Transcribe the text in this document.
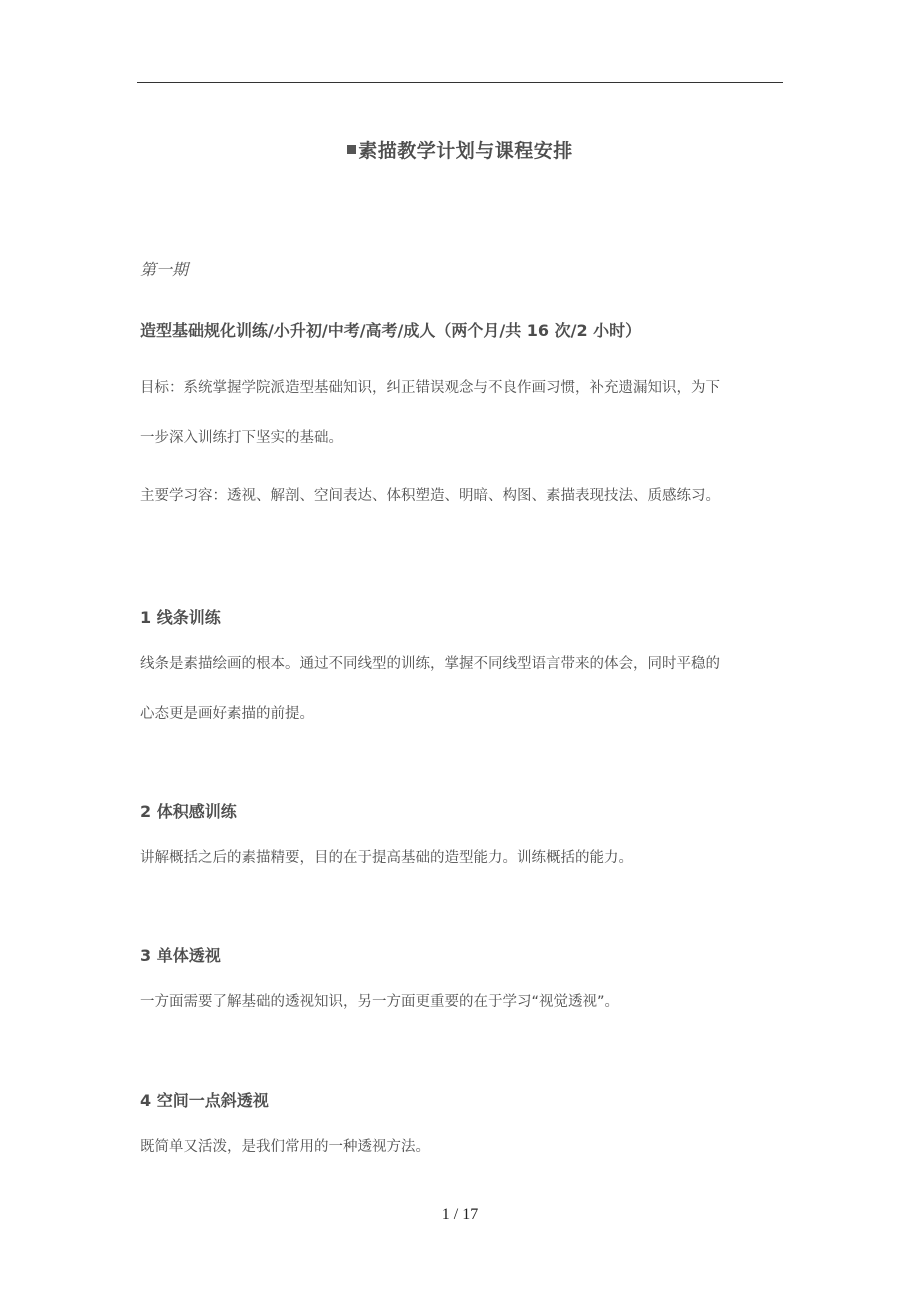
素描教学计划与课程安排
第一期
造型基础规化训练/小升初/中考/高考/成人（两个月/共 16 次/2 小时）
目标：系统掌握学院派造型基础知识，纠正错误观念与不良作画习惯，补充遗漏知识，为下
一步深入训练打下坚实的基础。
主要学习容：透视、解剖、空间表达、体积塑造、明暗、构图、素描表现技法、质感练习。
1 线条训练
线条是素描绘画的根本。通过不同线型的训练，掌握不同线型语言带来的体会，同时平稳的
心态更是画好素描的前提。
2 体积感训练
讲解概括之后的素描精要，目的在于提高基础的造型能力。训练概括的能力。
3 单体透视
一方面需要了解基础的透视知识，另一方面更重要的在于学习“视觉透视”。
4 空间一点斜透视
既简单又活泼，是我们常用的一种透视方法。
1 / 17
